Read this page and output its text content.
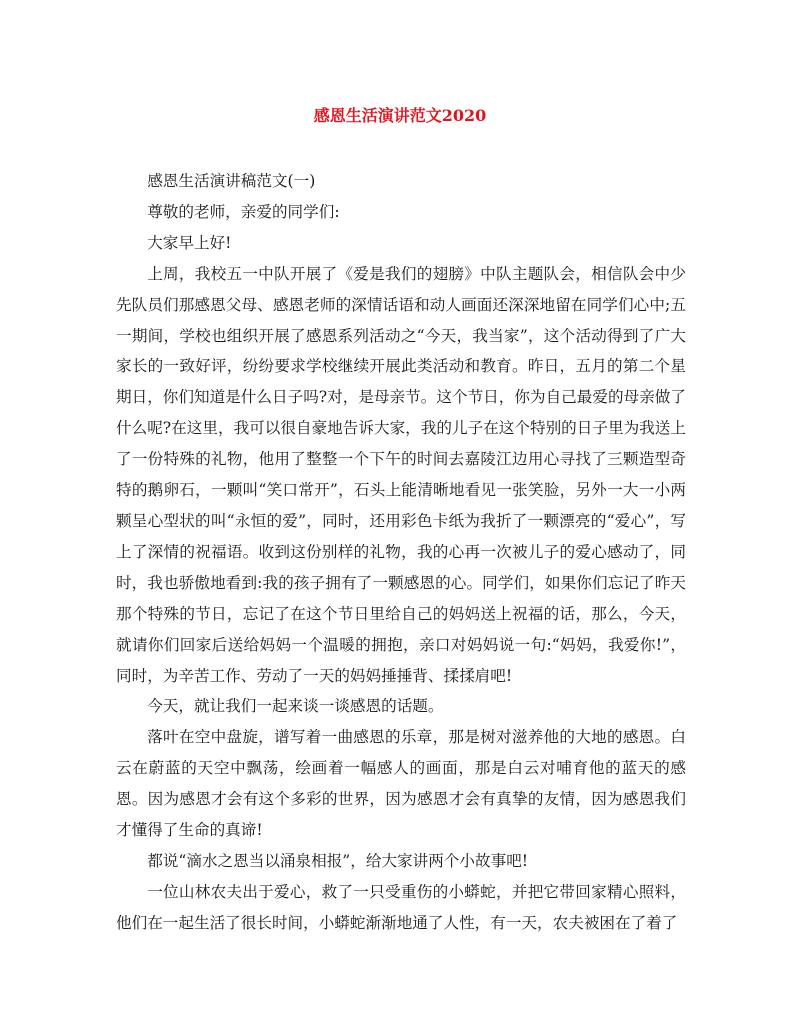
感恩生活演讲范文2020

感恩生活演讲稿范文(一)

尊敬的老师，亲爱的同学们:

大家早上好!

上周，我校五一中队开展了《爱是我们的翅膀》中队主题队会，相信队会中少先队员们那感恩父母、感恩老师的深情话语和动人画面还深深地留在同学们心中;五一期间，学校也组织开展了感恩系列活动之“今天，我当家”，这个活动得到了广大家长的一致好评，纷纷要求学校继续开展此类活动和教育。昨日，五月的第二个星期日，你们知道是什么日子吗?对，是母亲节。这个节日，你为自己最爱的母亲做了什么呢?在这里，我可以很自豪地告诉大家，我的儿子在这个特别的日子里为我送上了一份特殊的礼物，他用了整整一个下午的时间去嘉陵江边用心寻找了三颗造型奇特的鹅卵石，一颗叫“笑口常开”，石头上能清晰地看见一张笑脸，另外一大一小两颗呈心型状的叫“永恒的爱”，同时，还用彩色卡纸为我折了一颗漂亮的“爱心”，写上了深情的祝福语。收到这份别样的礼物，我的心再一次被儿子的爱心感动了，同时，我也骄傲地看到:我的孩子拥有了一颗感恩的心。同学们，如果你们忘记了昨天那个特殊的节日，忘记了在这个节日里给自己的妈妈送上祝福的话，那么，今天，就请你们回家后送给妈妈一个温暖的拥抱，亲口对妈妈说一句:“妈妈，我爱你!”，同时，为辛苦工作、劳动了一天的妈妈捶捶背、揉揉肩吧!

今天，就让我们一起来谈一谈感恩的话题。

落叶在空中盘旋，谱写着一曲感恩的乐章，那是树对滋养他的大地的感恩。白云在蔚蓝的天空中飘荡，绘画着一幅感人的画面，那是白云对哺育他的蓝天的感恩。因为感恩才会有这个多彩的世界，因为感恩才会有真挚的友情，因为感恩我们才懂得了生命的真谛!

都说“滴水之恩当以涌泉相报”，给大家讲两个小故事吧!

一位山林农夫出于爱心，救了一只受重伤的小蟒蛇，并把它带回家精心照料，他们在一起生活了很长时间，小蟒蛇渐渐地通了人性，有一天，农夫被困在了着了
